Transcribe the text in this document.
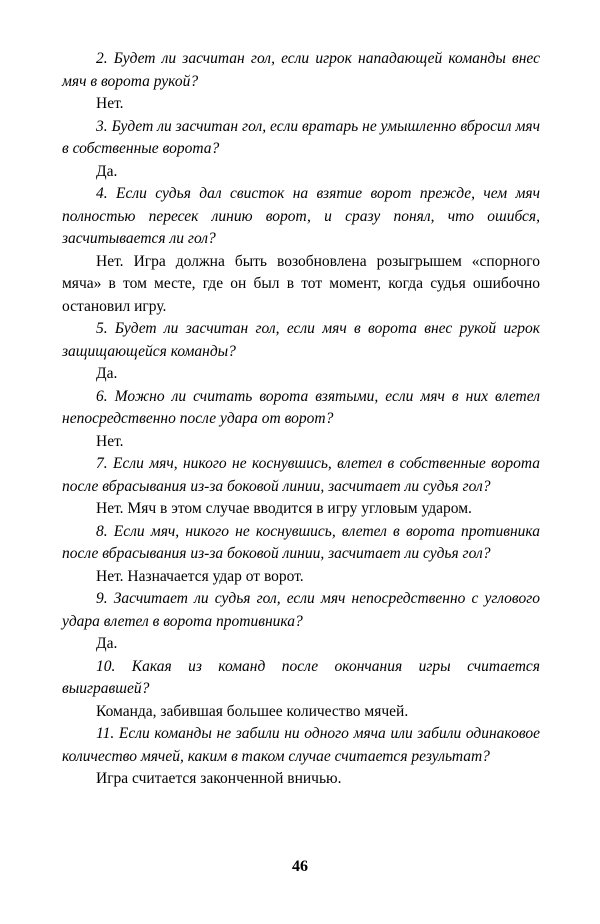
2. Будет ли засчитан гол, если игрок нападающей команды внес мяч в ворота рукой?

Нет.

3. Будет ли засчитан гол, если вратарь не умышленно вбросил мяч в собственные ворота?

Да.

4. Если судья дал свисток на взятие ворот прежде, чем мяч полностью пересек линию ворот, и сразу понял, что ошибся, засчитывается ли гол?

Нет. Игра должна быть возобновлена розыгрышем «спорного мяча» в том месте, где он был в тот момент, когда судья ошибочно остановил игру.

5. Будет ли засчитан гол, если мяч в ворота внес рукой игрок защищающейся команды?

Да.

6. Можно ли считать ворота взятыми, если мяч в них влетел непосредственно после удара от ворот?

Нет.

7. Если мяч, никого не коснувшись, влетел в собственные ворота после вбрасывания из-за боковой линии, засчитает ли судья гол?

Нет. Мяч в этом случае вводится в игру угловым ударом.

8. Если мяч, никого не коснувшись, влетел в ворота противника после вбрасывания из-за боковой линии, засчитает ли судья гол?

Нет. Назначается удар от ворот.

9. Засчитает ли судья гол, если мяч непосредственно с углового удара влетел в ворота противника?

Да.

10. Какая из команд после окончания игры считается выигравшей?

Команда, забившая большее количество мячей.

11. Если команды не забили ни одного мяча или забили одинаковое количество мячей, каким в таком случае считается результат?

Игра считается законченной вничью.

46
